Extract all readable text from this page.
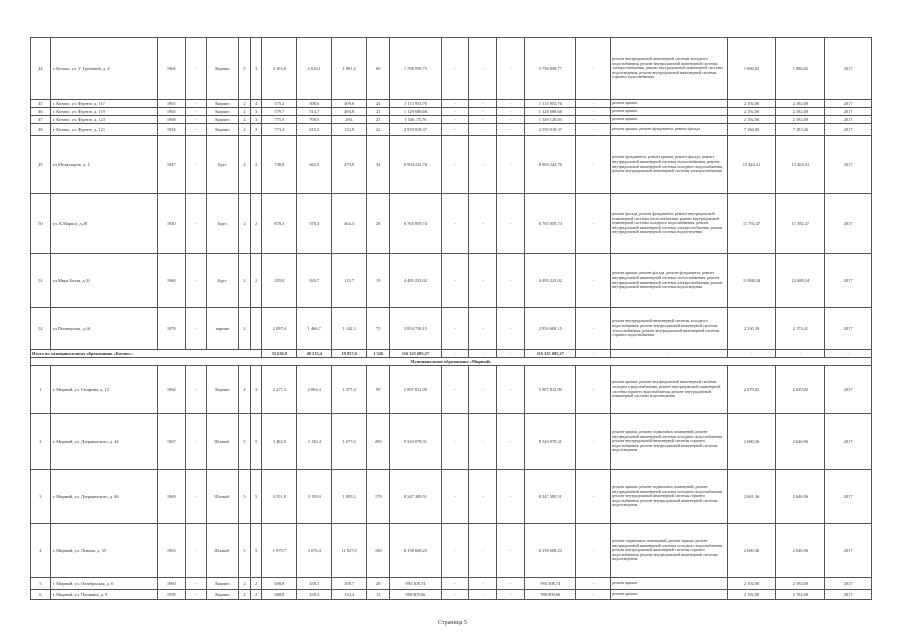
44	г. Котово, ул. У. Громовой, д. 4	1964	-	Кирпич	5	3	3 163,0	2 616,1	1 961,2	69	1 788 050,75	-	-	-	5 756 858,77	-	ремонт внутридомовой инженерной системы холодного водоснабжения, ремонт внутридомовой инженерной системы электроснабжения, ремонт внутридомовой инженерной системы водоотведения, ремонт внутридомовой инженерной системы горячего водоснабжения	1 086,02	1 086,02	2017
45	г. Котово, ул. Фрунзе, д. 117	1965	-	Кирпич	2	4	575,2	508,6	409,6	24	1 113 953,76	-	-	-	1 113 953,76	-	ремонт крыши	2 192,00	2 192,00	2017
46	г. Котово, ул. Фрунзе, д. 119	1965	-	Кирпич	2	3	579,7	514,7	494,8	21	1 128 688,68	-	-	-	1 128 688,68	-	ремонт крыши	2 192,00	2 192,00	2017
47	г. Котово, ул. Фрунзе, д. 123	1968	-	Кирпич	2	3	775,9	700,5	283,	27	1 546 ,75,76	-	-	-	1 549 128,83	-	ремонт крыши	2 192,00	2 192,00	2017
48	г. Котово, ул. Фрунзе, д. 121	1954	-	Кирпич	2	3	773,4	615,5	133,9	22	4 559 918,37	-	-	-	4 559 918,37	-	ремонт крыши, ремонт фундамента, ремонт фасада	7 184,00	7 183,26	2017
49	ул.Мелиаторов, д. 4	1947	-	Брус	2	2	748,8	662,5	479,9	34	8 904 242,76	-	-	-	8 904 242,76	-	ремонт фундамента, ремонт крыши, ремонт фасада, ремонт внутридомовой инженерной системы теплоснабжения, ремонт внутридомовой инженерной системы холодного водоснабжения, ремонт внутридомовой инженерной системы электроснабжения	15 444,41	13 404,41	2017
50	ул. К.Маркса, д.28	1940	-	Брус	2	2	878,3	570,4	464,3	28	6 765 859,74	-	-	-	6 765 859,74	-	ремонт фасада, ремонт фундамента, ремонт внутридомовой инженерной системы теплоснабжения, ремонт внутридомовой инженерной системы холодного водоснабжения, ремонт внутридомовой инженерной системы электроснабжения, ремонт внутридомовой инженерной системы водоотведения	11 792,47	11 582,47	2017
51	ул.Мира Белая, д.31	1960	-	Брус	2	2	255,0	920,7	115,7	19	4 495 225,02	-	-	-	4 495 225,02	-	ремонт крыши, ремонт фасада, ремонт фундамента, ремонт внутридомовой инженерной системы теплоснабжения, ремонт внутридомовой инженерной системы электроснабжения, ремонт внутридомовой инженерной системы водоотведения	11 888,34	12 688,34	2017
52	ул.Пионерская, д.16	1979	-	кирпич	2		2 097,4	1 466,7	1 142,3	75	3 854 758,15	-	-	-	2 854 608,15	-	ремонт внутридомовой инженерной системы холодного водоснабжения, ремонт внутридомовой инженерной системы теплоснабжения, ремонт внутридомовой инженерной системы горячего водоснабжения	2 130,39	2 173,41	2017
Итого по муниципальному образованию «Котово»:							33 636,0	40 213,4	19 937,6	1 326	116 325 685,27	-	-	-	116 325 685,27	-	-	-	-	-
Муниципальное образование «Мирный»																				
1	г. Мирный, ул. Гагарина, д. 12	1964	-	Кирпич	4	3	2 277,3	2 094,3	1 377,4	99	5 907 812,99	-	-	-	5 907 812,99	-	ремонт крыши, ремонт внутридомовой инженерной системы холодного водоснабжения, ремонт внутридомовой инженерной системы горячего водоснабжения, ремонт внутридомовой инженерной системы водоотведения	2 679,82	2 629,82	2017
2	г. Мирный, ул. Дзержинского, д. 44	1967	-	Шлакоб.	5	5	3 482,0	3 130,4	1 677,6	200	8 543 078,31	-	-	-	8 543 078,31	-	ремонт крыши, ремонт подвальных помещений, ремонт внутридомовой инженерной системы холодного водоснабжения, ремонт внутридомовой инженерной системы горячего водоснабжения, ремонт внутридомовой инженерной системы водоотведения	2 680,36	2 646,96	2017
3	г. Мирный, ул. Дзержинского, д. 46	1969	-	Шлакоб.	5	5	3 551,8	3 159,0	1 859,2	179	8 247 389,51	-	-	-	8 247 389,51	-	ремонт крыши, ремонт подвальных помещений, ремонт внутридомовой инженерной системы холодного водоснабжения, ремонт внутридомовой инженерной системы горячего водоснабжения, ремонт внутридомовой инженерной системы водоотведения	2 681,36	2 646,96	2017
4	г. Мирный, ул. Ленина, д. 35	1963	-	Шлакоб.	5	5	1 979,7	3 676,4	11 927,0	100	8 158 608,23	-	-	-	8 158 608,23	-	ремонт подвальных помещений, ремонт крыши, ремонт внутридомовой инженерной системы холодного водоснабжения, ремонт внутридомовой инженерной системы горячего водоснабжения, ремонт внутридомовой инженерной системы водоотведения	2 680,36	2 646,96	2017
5	г. Мирный, ул. Октябрьская, д. 6	1960	-	Кирпич	2	2	498,8	438,1	108,7	20	993 308,74	-	-	-	993 308,74	-	ремонт крыши	2 192,00	2 192,00	2017
6	г. Мирный, ул. Пушкина, д. 9	1958	-	Кирпич	2	2	488,8	439,3	134,4	13	998 809,66	-	-	-	998 809,66	-	ремонт крыши	2 192,00	2 192,00	2017
Страница 5
